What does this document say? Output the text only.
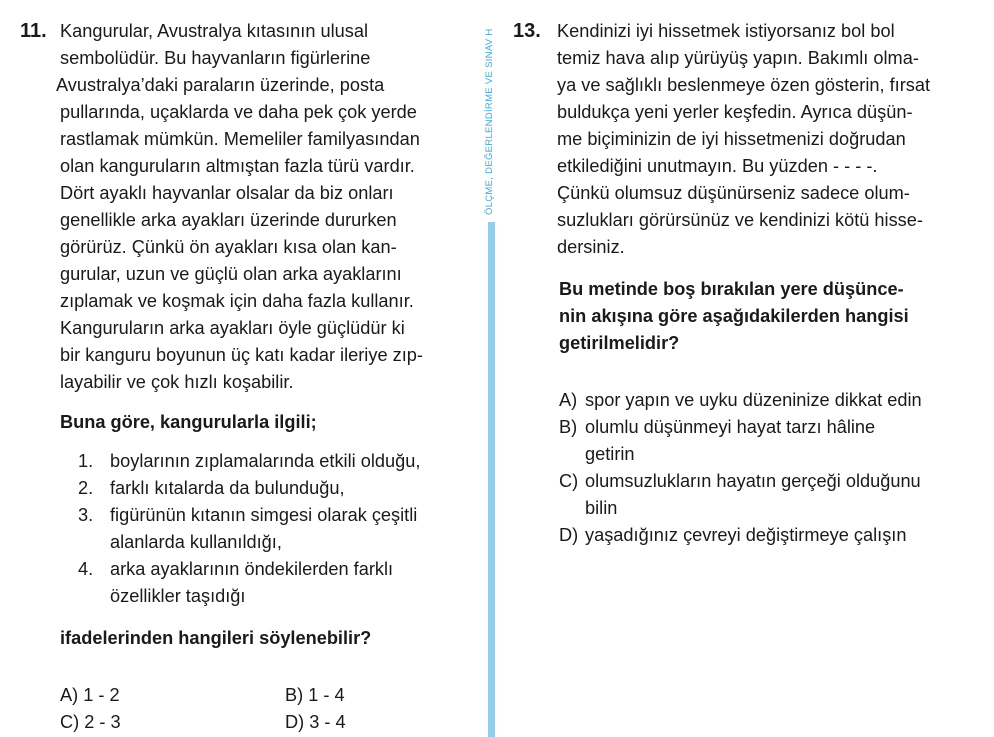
11. Kangurular, Avustralya kıtasının ulusal
sembolüdür. Bu hayvanların figürlerine
Avustralya’daki paraların üzerinde, posta
pullarında, uçaklarda ve daha pek çok yerde
rastlamak mümkün. Memeliler familyasından
olan kanguruların altmıştan fazla türü vardır.
Dört ayaklı hayvanlar olsalar da biz onları
genellikle arka ayakları üzerinde dururken
görürüz. Çünkü ön ayakları kısa olan kan-
gurular, uzun ve güçlü olan arka ayaklarını
zıplamak ve koşmak için daha fazla kullanır.
Kanguruların arka ayakları öyle güçlüdür ki
bir kanguru boyunun üç katı kadar ileriye zıp-
layabilir ve çok hızlı koşabilir.
Buna göre, kangurularla ilgili;
1. boylarının zıplamalarında etkili olduğu,
2. farklı kıtalarda da bulunduğu,
3. figürünün kıtanın simgesi olarak çeşitli
alanlarda kullanıldığı,
4. arka ayaklarının öndekilerden farklı
özellikler taşıdığı
ifadelerinden hangileri söylenebilir?
A) 1 - 2	B) 1 - 4
C) 2 - 3	D) 3 - 4
ÖLÇME, DEĞERLENDİRME VE SINAV H 13. Kendinizi iyi hissetmek istiyorsanız bol bol
temiz hava alıp yürüyüş yapın. Bakımlı olma-
ya ve sağlıklı beslenmeye özen gösterin, fırsat
buldukça yeni yerler keşfedin. Ayrıca düşün-
me biçiminizin de iyi hissetmenizi doğrudan
etkilediğini unutmayın. Bu yüzden - - - -.
Çünkü olumsuz düşünürseniz sadece olum-
suzlukları görürsünüz ve kendinizi kötü hisse-
dersiniz.
Bu metinde boş bırakılan yere düşünce-
nin akışına göre aşağıdakilerden hangisi
getirilmelidir?
A) spor yapın ve uyku düzeninize dikkat edin
B) olumlu düşünmeyi hayat tarzı hâline
getirin
C) olumsuzlukların hayatın gerçeği olduğunu
bilin
D) yaşadığınız çevreyi değiştirmeye çalışın
